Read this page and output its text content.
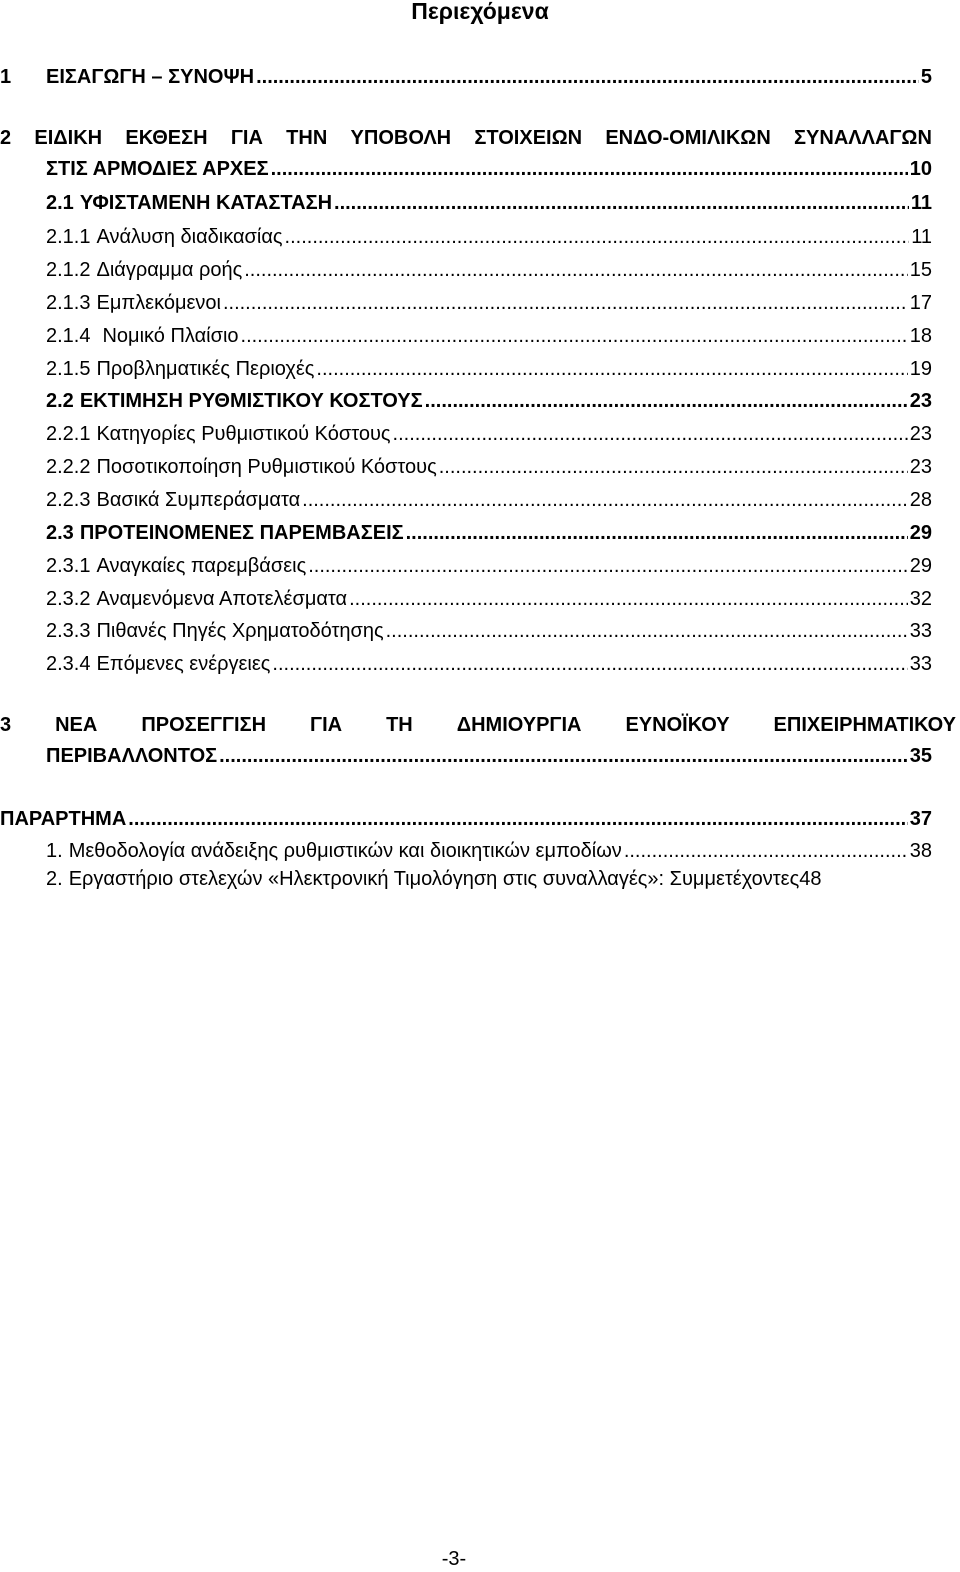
Περιεχόμενα
1	ΕΙΣΑΓΩΓΗ – ΣΥΝΟΨΗ .....	5
2 ΕΙΔΙΚΗ ΕΚΘΕΣΗ ΓΙΑ ΤΗΝ ΥΠΟΒΟΛΗ ΣΤΟΙΧΕΙΩΝ ΕΝΔΟ-ΟΜΙΛΙΚΩΝ ΣΥΝΑΛΛΑΓΩΝ
ΣΤΙΣ ΑΡΜΟΔΙΕΣ ΑΡΧΕΣ .....	10
2.1 ΥΦΙΣΤΑΜΕΝΗ ΚΑΤΑΣΤΑΣΗ .....	11
2.1.1 Ανάλυση διαδικασίας .....	11
2.1.2 Διάγραμμα ροής .....	15
2.1.3 Εμπλεκόμενοι .....	17
2.1.4 Νομικό Πλαίσιο .....	18
2.1.5 Προβληματικές Περιοχές .....	19
2.2 ΕΚΤΙΜΗΣΗ ΡΥΘΜΙΣΤΙΚΟΥ ΚΟΣΤΟΥΣ .....	23
2.2.1 Κατηγορίες Ρυθμιστικού Κόστους .....	23
2.2.2 Ποσοτικοποίηση Ρυθμιστικού Κόστους .....	23
2.2.3 Βασικά Συμπεράσματα .....	28
2.3 ΠΡΟΤΕΙΝΟΜΕΝΕΣ ΠΑΡΕΜΒΑΣΕΙΣ .....	29
2.3.1 Αναγκαίες παρεμβάσεις .....	29
2.3.2 Αναμενόμενα Αποτελέσματα .....	32
2.3.3 Πιθανές Πηγές Χρηματοδότησης .....	33
2.3.4 Επόμενες ενέργειες .....	33
3 ΝΕΑ ΠΡΟΣΕΓΓΙΣΗ ΓΙΑ ΤΗ ΔΗΜΙΟΥΡΓΙΑ ΕΥΝΟΪΚΟΥ ΕΠΙΧΕΙΡΗΜΑΤΙΚΟΥ
ΠΕΡΙΒΑΛΛΟΝΤΟΣ .....	35
ΠΑΡΑΡΤΗΜΑ .....	37
1. Μεθοδολογία ανάδειξης ρυθμιστικών και διοικητικών εμποδίων .....	38
2. Εργαστήριο στελεχών «Ηλεκτρονική Τιμολόγηση στις συναλλαγές»: Συμμετέχοντες 48
-3-
